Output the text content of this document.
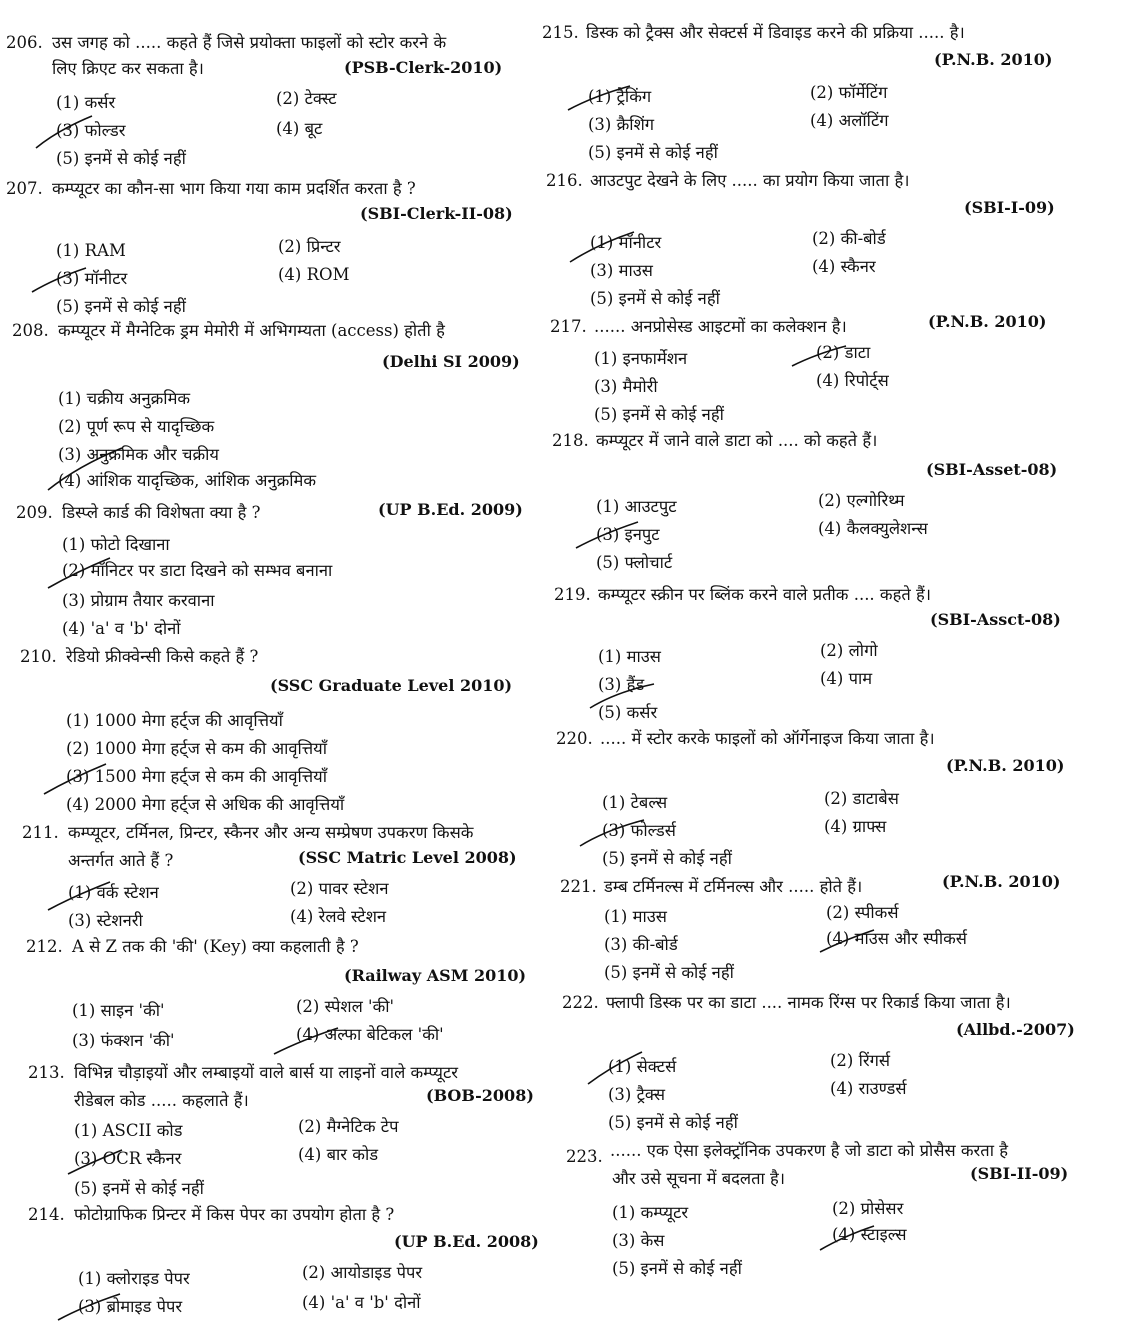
206. उस जगह को ..... कहते हैं जिसे प्रयोक्ता फाइलों को स्टोर करने के
लिए क्रिएट कर सकता है।	(PSB-Clerk-2010)
(1) कर्सर	(2) टेक्स्ट
(3) फोल्डर	(4) बूट
(5) इनमें से कोई नहीं
207. कम्प्यूटर का कौन-सा भाग किया गया काम प्रदर्शित करता है ?
(SBI-Clerk-II-08)
(1) RAM	(2) प्रिन्टर
(3) मॉनीटर	(4) ROM
(5) इनमें से कोई नहीं
208. कम्प्यूटर में मैग्नेटिक ड्रम मेमोरी में अभिगम्यता (access) होती है
(Delhi SI 2009)
(1) चक्रीय अनुक्रमिक
(2) पूर्ण रूप से यादृच्छिक
(3) अनुक्रमिक और चक्रीय
(4) आंशिक यादृच्छिक, आंशिक अनुक्रमिक
209. डिस्प्ले कार्ड की विशेषता क्या है ?	(UP B.Ed. 2009)
(1) फोटो दिखाना
(2) मॉनिटर पर डाटा दिखने को सम्भव बनाना
(3) प्रोग्राम तैयार करवाना
(4) 'a' व 'b' दोनों
210. रेडियो फ्रीक्वेन्सी किसे कहते हैं ?
(SSC Graduate Level 2010)
(1) 1000 मेगा हर्ट्ज की आवृत्तियाँ
(2) 1000 मेगा हर्ट्ज से कम की आवृत्तियाँ
(3) 1500 मेगा हर्ट्ज से कम की आवृत्तियाँ
(4) 2000 मेगा हर्ट्ज से अधिक की आवृत्तियाँ
211. कम्प्यूटर, टर्मिनल, प्रिन्टर, स्कैनर और अन्य सम्प्रेषण उपकरण किसके
अन्तर्गत आते हैं ?	(SSC Matric Level 2008)
(1) वर्क स्टेशन	(2) पावर स्टेशन
(3) स्टेशनरी	(4) रेलवे स्टेशन
212. A से Z तक की 'की' (Key) क्या कहलाती है ?
(Railway ASM 2010)
(1) साइन 'की'	(2) स्पेशल 'की'
(3) फंक्शन 'की'	(4) अल्फा बेटिकल 'की'
213. विभिन्न चौड़ाइयों और लम्बाइयों वाले बार्स या लाइनों वाले कम्प्यूटर
रीडेबल कोड ..... कहलाते हैं।	(BOB-2008)
(1) ASCII कोड	(2) मैग्नेटिक टेप
(3) OCR स्कैनर	(4) बार कोड
(5) इनमें से कोई नहीं
214. फोटोग्राफिक प्रिन्टर में किस पेपर का उपयोग होता है ?
(UP B.Ed. 2008)
(1) क्लोराइड पेपर	(2) आयोडाइड पेपर
(3) ब्रोमाइड पेपर	(4) 'a' व 'b' दोनों
215. डिस्क को ट्रैक्स और सेक्टर्स में डिवाइड करने की प्रक्रिया ..... है।
(P.N.B. 2010)
(1) ट्रैकिंग	(2) फॉर्मेटिंग
(3) क्रैशिंग	(4) अलॉटिंग
(5) इनमें से कोई नहीं
216. आउटपुट देखने के लिए ..... का प्रयोग किया जाता है।
(SBI-I-09)
(1) मॉनीटर	(2) की-बोर्ड
(3) माउस	(4) स्कैनर
(5) इनमें से कोई नहीं
217. ...... अनप्रोसेस्ड आइटमों का कलेक्शन है।	(P.N.B. 2010)
(1) इनफार्मेशन	(2) डाटा
(3) मैमोरी	(4) रिपोर्ट्स
(5) इनमें से कोई नहीं
218. कम्प्यूटर में जाने वाले डाटा को .... को कहते हैं।
(SBI-Asset-08)
(1) आउटपुट	(2) एल्गोरिथ्म
(3) इनपुट	(4) कैलक्युलेशन्स
(5) फ्लोचार्ट
219. कम्प्यूटर स्क्रीन पर ब्लिंक करने वाले प्रतीक .... कहते हैं।
(SBI-Assct-08)
(1) माउस	(2) लोगो
(3) हैंड	(4) पाम
(5) कर्सर
220. ..... में स्टोर करके फाइलों को ऑर्गेनाइज किया जाता है।
(P.N.B. 2010)
(1) टेबल्स	(2) डाटाबेस
(3) फोल्डर्स	(4) ग्राफ्स
(5) इनमें से कोई नहीं
221. डम्ब टर्मिनल्स में टर्मिनल्स और ..... होते हैं।	(P.N.B. 2010)
(1) माउस	(2) स्पीकर्स
(3) की-बोर्ड	(4) माउस और स्पीकर्स
(5) इनमें से कोई नहीं
222. फ्लापी डिस्क पर का डाटा .... नामक रिंग्स पर रिकार्ड किया जाता है।
(Allbd.-2007)
(1) सेक्टर्स	(2) रिंगर्स
(3) ट्रैक्स	(4) राउण्डर्स
(5) इनमें से कोई नहीं
223. ...... एक ऐसा इलेक्ट्रॉनिक उपकरण है जो डाटा को प्रोसैस करता है
और उसे सूचना में बदलता है।	(SBI-II-09)
(1) कम्प्यूटर	(2) प्रोसेसर
(3) केस	(4) स्टाइल्स
(5) इनमें से कोई नहीं
